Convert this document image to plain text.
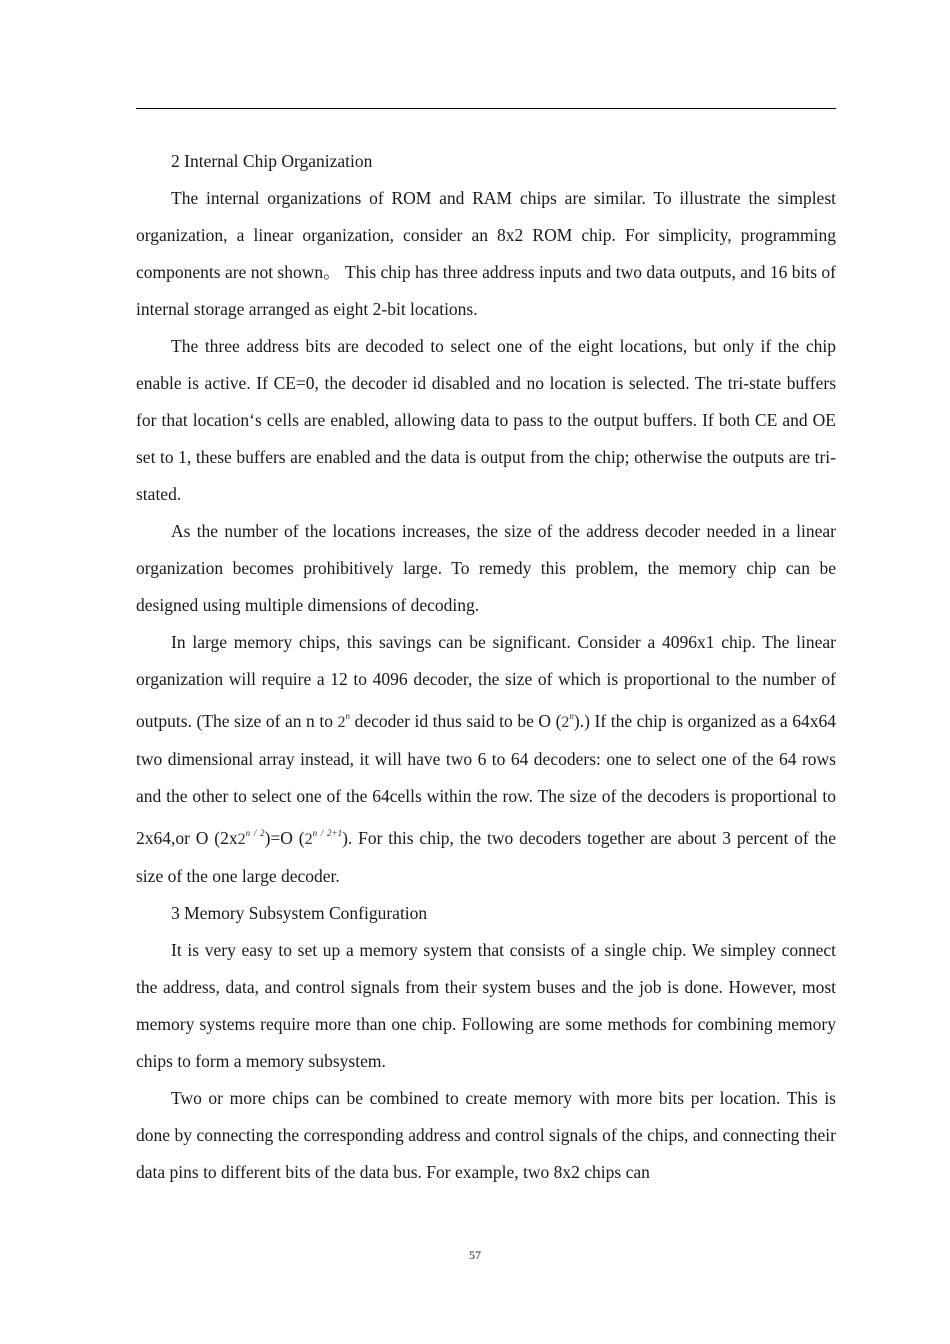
2 Internal Chip Organization

The internal organizations of ROM and RAM chips are similar. To illustrate the simplest organization, a linear organization, consider an 8x2 ROM chip. For simplicity, programming components are not shown。 This chip has three address inputs and two data outputs, and 16 bits of internal storage arranged as eight 2-bit locations.

The three address bits are decoded to select one of the eight locations, but only if the chip enable is active. If CE=0, the decoder id disabled and no location is selected. The tri-state buffers for that location‘s cells are enabled, allowing data to pass to the output buffers. If both CE and OE set to 1, these buffers are enabled and the data is output from the chip; otherwise the outputs are tri-stated.

As the number of the locations increases, the size of the address decoder needed in a linear organization becomes prohibitively large. To remedy this problem, the memory chip can be designed using multiple dimensions of decoding.

In large memory chips, this savings can be significant. Consider a 4096x1 chip. The linear organization will require a 12 to 4096 decoder, the size of which is proportional to the number of outputs. (The size of an n to 2$^n$ decoder id thus said to be O (2$^n$).) If the chip is organized as a 64x64 two dimensional array instead, it will have two 6 to 64 decoders: one to select one of the 64 rows and the other to select one of the 64cells within the row. The size of the decoders is proportional to 2x64,or O $(2x2^{n / 2})=O$ $(2^{n / 2+1})$. For this chip, the two decoders together are about 3 percent of the size of the one large decoder.

3 Memory Subsystem Configuration

It is very easy to set up a memory system that consists of a single chip. We simpley connect the address, data, and control signals from their system buses and the job is done. However, most memory systems require more than one chip. Following are some methods for combining memory chips to form a memory subsystem.

Two or more chips can be combined to create memory with more bits per location. This is done by connecting the corresponding address and control signals of the chips, and connecting their data pins to different bits of the data bus. For example, two 8x2 chips can

57
